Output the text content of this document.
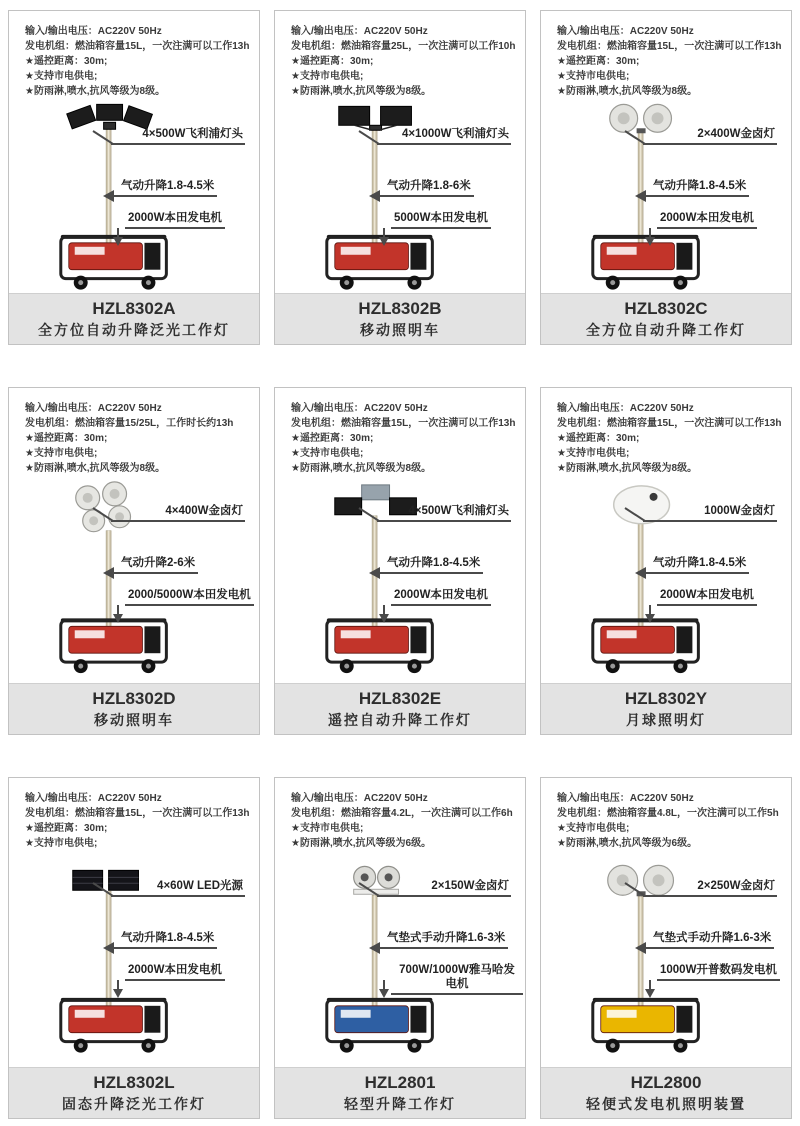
输入/输出电压：AC220V 50Hz
发电机组：燃油箱容量15L，一次注满可以工作13h
★遥控距离：30m;
★支持市电供电;
★防雨淋,喷水,抗风等级为8级。
4×500W飞利浦灯头
气动升降1.8-4.5米
2000W本田发电机
HZL8302A
全方位自动升降泛光工作灯
输入/输出电压：AC220V 50Hz
发电机组：燃油箱容量25L，一次注满可以工作10h
★遥控距离：30m;
★支持市电供电;
★防雨淋,喷水,抗风等级为8级。
4×1000W飞利浦灯头
气动升降1.8-6米
5000W本田发电机
HZL8302B
移动照明车
输入/输出电压：AC220V 50Hz
发电机组：燃油箱容量15L，一次注满可以工作13h
★遥控距离：30m;
★支持市电供电;
★防雨淋,喷水,抗风等级为8级。
2×400W金卤灯
气动升降1.8-4.5米
2000W本田发电机
HZL8302C
全方位自动升降工作灯
输入/输出电压：AC220V 50Hz
发电机组：燃油箱容量15/25L，工作时长约13h
★遥控距离：30m;
★支持市电供电;
★防雨淋,喷水,抗风等级为8级。
4×400W金卤灯
气动升降2-6米
2000/5000W本田发电机
HZL8302D
移动照明车
输入/输出电压：AC220V 50Hz
发电机组：燃油箱容量15L，一次注满可以工作13h
★遥控距离：30m;
★支持市电供电;
★防雨淋,喷水,抗风等级为8级。
4×500W飞利浦灯头
气动升降1.8-4.5米
2000W本田发电机
HZL8302E
遥控自动升降工作灯
输入/输出电压：AC220V 50Hz
发电机组：燃油箱容量15L，一次注满可以工作13h
★遥控距离：30m;
★支持市电供电;
★防雨淋,喷水,抗风等级为8级。
1000W金卤灯
气动升降1.8-4.5米
2000W本田发电机
HZL8302Y
月球照明灯
输入/输出电压：AC220V 50Hz
发电机组：燃油箱容量15L，一次注满可以工作13h
★遥控距离：30m;
★支持市电供电;
4×60W LED光源
气动升降1.8-4.5米
2000W本田发电机
HZL8302L
固态升降泛光工作灯
输入/输出电压：AC220V 50Hz
发电机组：燃油箱容量4.2L，一次注满可以工作6h
★支持市电供电;
★防雨淋,喷水,抗风等级为6级。
2×150W金卤灯
气垫式手动升降1.6-3米
700W/1000W雅马哈发电机
HZL2801
轻型升降工作灯
输入/输出电压：AC220V 50Hz
发电机组：燃油箱容量4.8L，一次注满可以工作5h
★支持市电供电;
★防雨淋,喷水,抗风等级为6级。
2×250W金卤灯
气垫式手动升降1.6-3米
1000W开普数码发电机
HZL2800
轻便式发电机照明装置
